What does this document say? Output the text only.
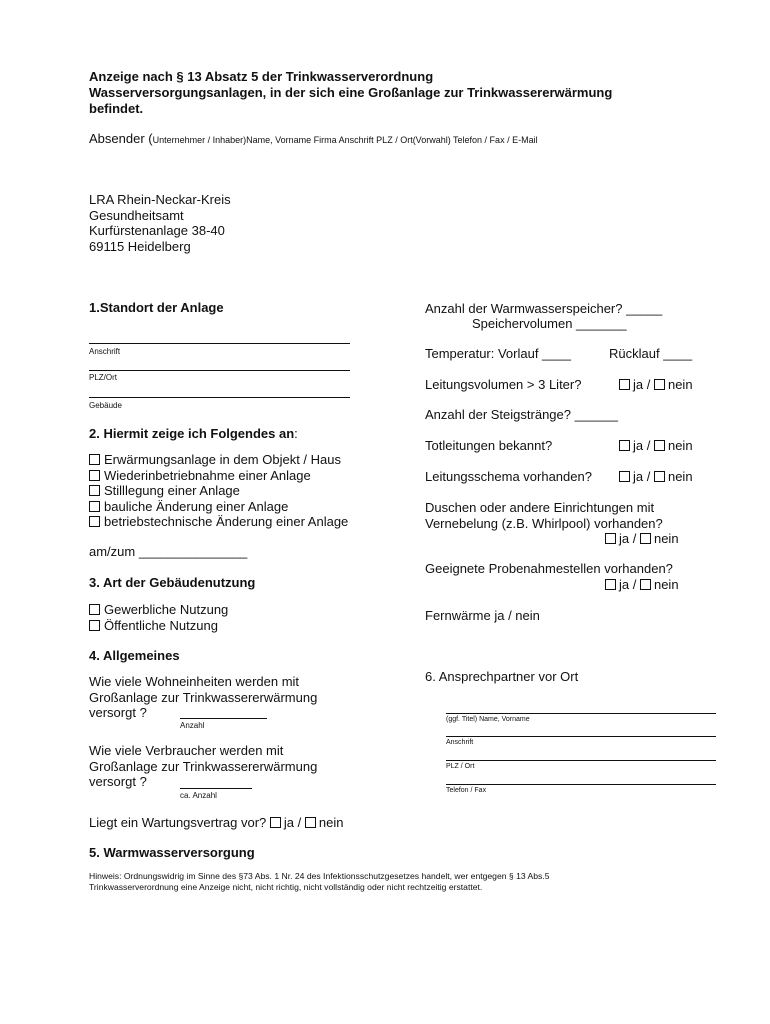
Anzeige nach § 13 Absatz 5 der Trinkwasserverordnung
Wasserversorgungsanlagen, in der sich eine Großanlage zur Trinkwassererwärmung
befindet.
Absender (Unternehmer / Inhaber)Name, Vorname Firma Anschrift PLZ / Ort(Vorwahl) Telefon / Fax / E-Mail
LRA Rhein-Neckar-Kreis
Gesundheitsamt
Kurfürstenanlage 38-40
69115 Heidelberg
1.Standort der Anlage
Anschrift
PLZ/Ort
Gebäude
2. Hiermit zeige ich Folgendes an:
Erwärmungsanlage in dem Objekt / Haus
Wiederinbetriebnahme einer Anlage
Stilllegung einer Anlage
bauliche Änderung einer Anlage
betriebstechnische Änderung einer Anlage
am/zum _______________
3. Art der Gebäudenutzung
Gewerbliche Nutzung
Öffentliche Nutzung
4. Allgemeines
Wie viele Wohneinheiten werden mit
Großanlage zur Trinkwassererwärmung
versorgt ?
Anzahl
Wie viele Verbraucher werden mit
Großanlage zur Trinkwassererwärmung
versorgt ?
ca. Anzahl
Liegt ein Wartungsvertrag vor? ja / nein
5. Warmwasserversorgung
Anzahl der Warmwasserspeicher? _____
Speichervolumen _______
Temperatur: Vorlauf ____	Rücklauf ____
Leitungsvolumen > 3 Liter?	ja / nein
Anzahl der Steigstränge? ______
Totleitungen bekannt?	ja / nein
Leitungsschema vorhanden?	ja / nein
Duschen oder andere Einrichtungen mit
Vernebelung (z.B. Whirlpool) vorhanden?
ja / nein
Geeignete Probenahmestellen vorhanden?
ja / nein
Fernwärme ja / nein
6. Ansprechpartner vor Ort
(ggf. Titel) Name, Vorname
Anschrift
PLZ / Ort
Telefon / Fax
Hinweis: Ordnungswidrig im Sinne des §73 Abs. 1 Nr. 24 des Infektionsschutzgesetzes handelt, wer entgegen § 13 Abs.5
Trinkwasserverordnung eine Anzeige nicht, nicht richtig, nicht vollständig oder nicht rechtzeitig erstattet.
